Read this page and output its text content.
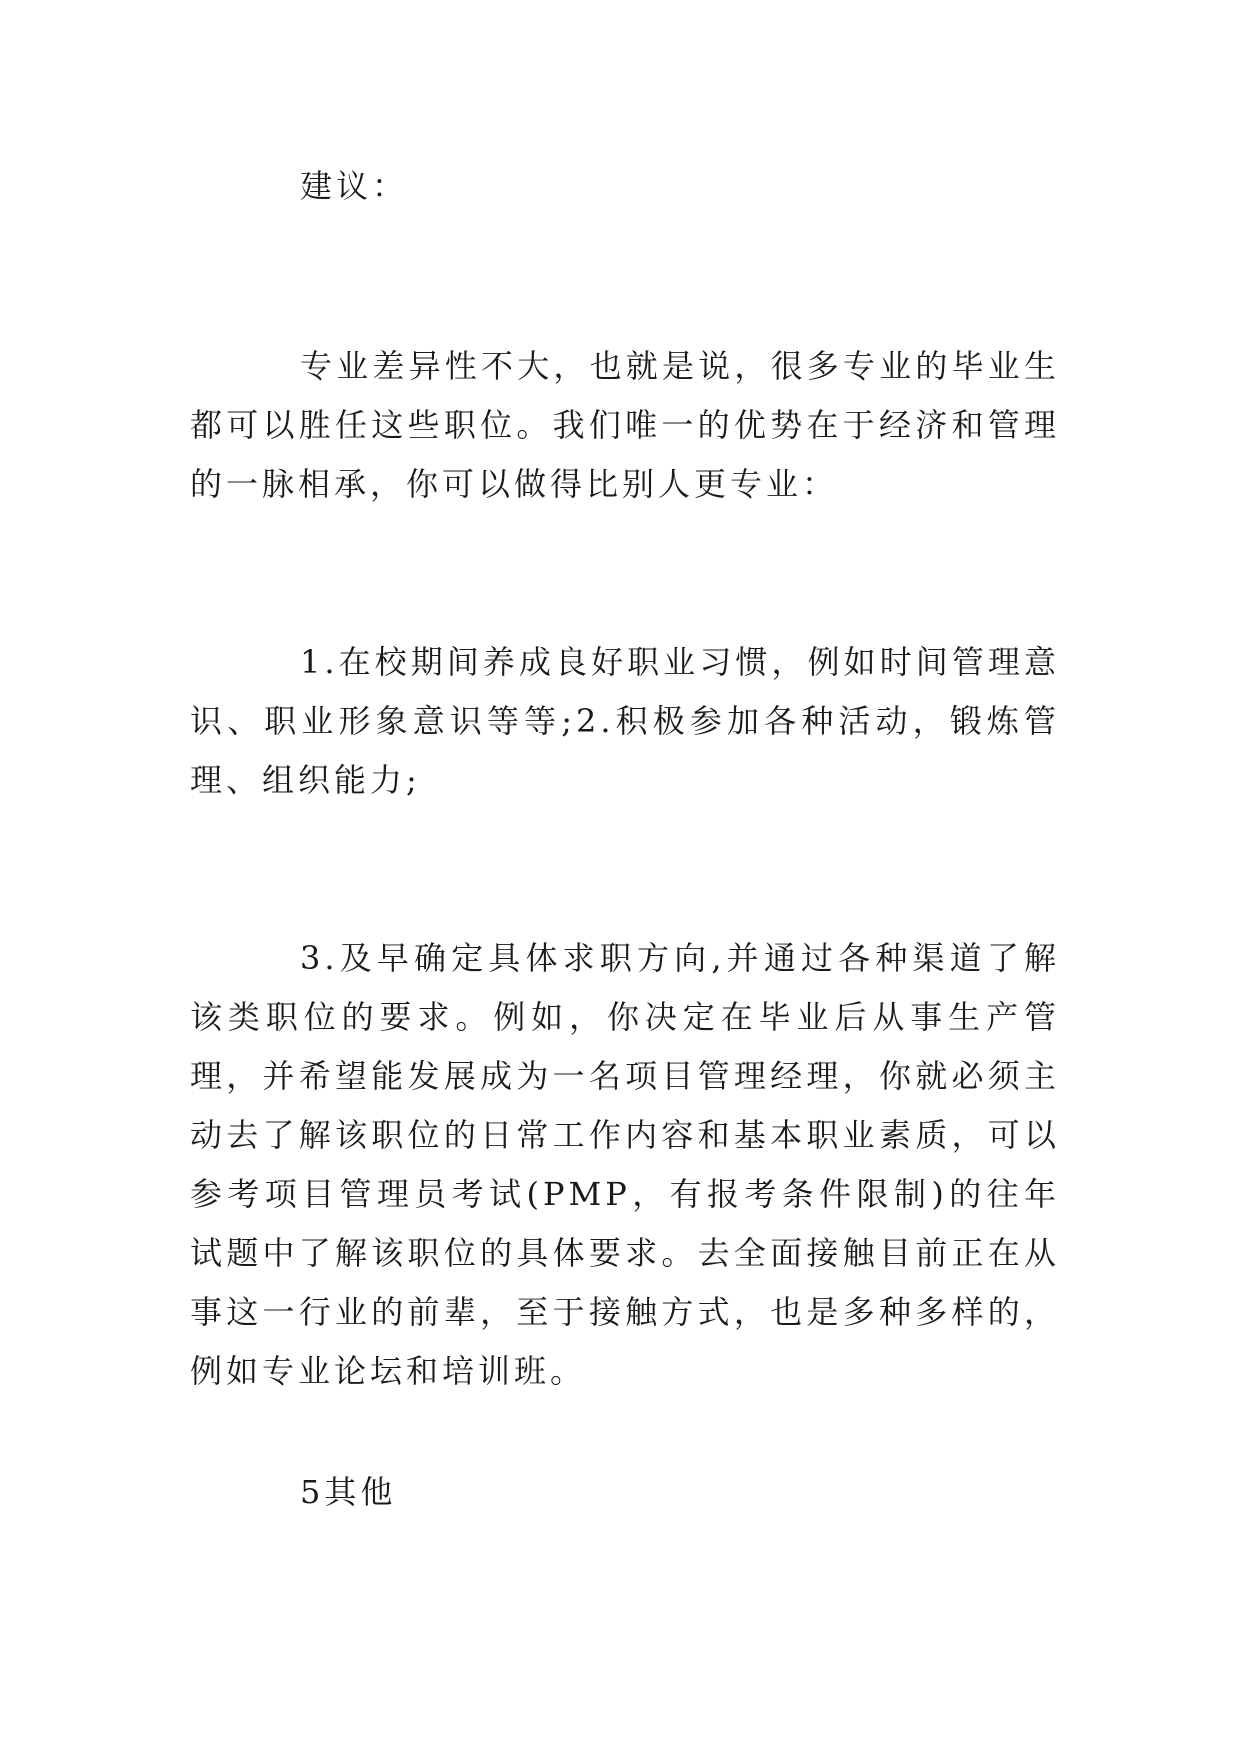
建议：

专业差异性不大，也就是说，很多专业的毕业生都可以胜任这些职位。我们唯一的优势在于经济和管理的一脉相承，你可以做得比别人更专业：

1.在校期间养成良好职业习惯，例如时间管理意识、职业形象意识等等;2.积极参加各种活动，锻炼管理、组织能力;

3.及早确定具体求职方向,并通过各种渠道了解该类职位的要求。例如，你决定在毕业后从事生产管理，并希望能发展成为一名项目管理经理，你就必须主动去了解该职位的日常工作内容和基本职业素质，可以参考项目管理员考试(PMP，有报考条件限制)的往年试题中了解该职位的具体要求。去全面接触目前正在从事这一行业的前辈，至于接触方式，也是多种多样的，例如专业论坛和培训班。

5其他
